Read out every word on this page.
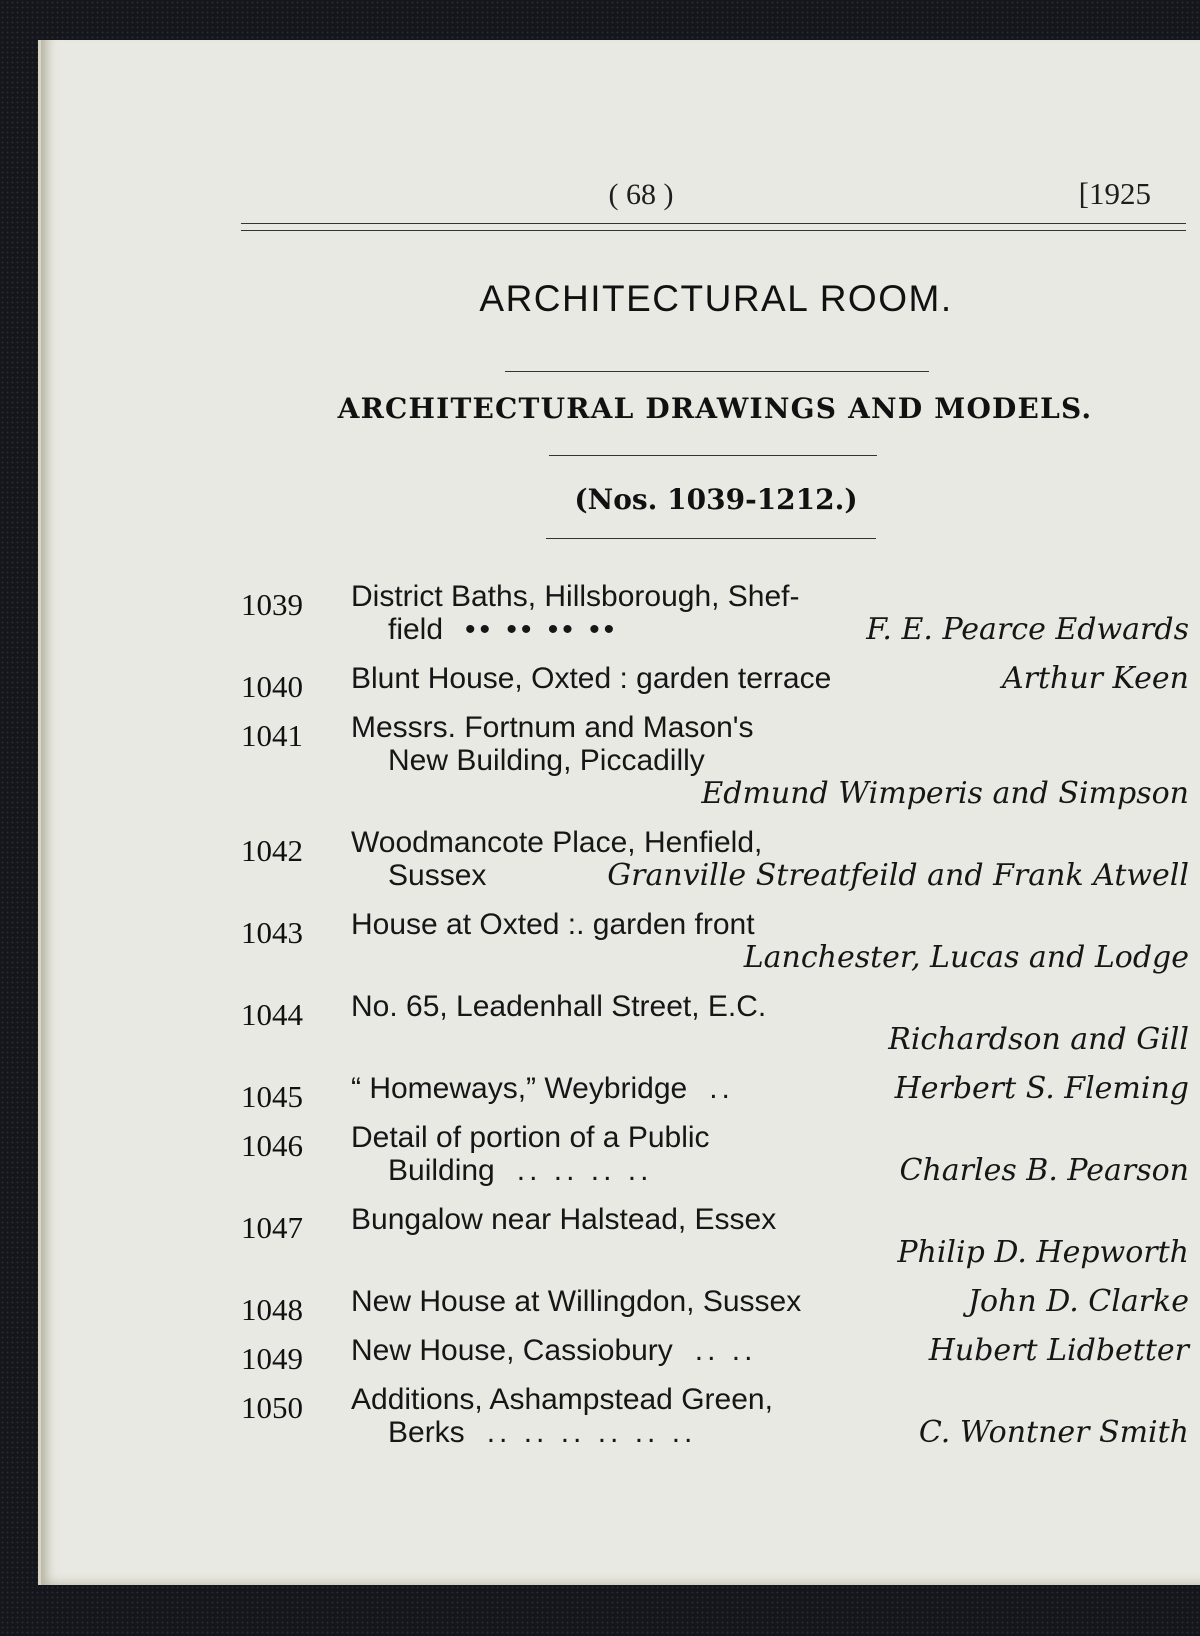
( 68 )	[1925
ARCHITECTURAL ROOM.
ARCHITECTURAL DRAWINGS AND MODELS.
(Nos. 1039-1212.)
1039	District Baths, Hillsborough, Shef-
field •• •• •• ••	F. E. Pearce Edwards
1040	Blunt House, Oxted : garden terrace	Arthur Keen
1041	Messrs. Fortnum and Mason's
New Building, Piccadilly
Edmund Wimperis and Simpson
1042	Woodmancote Place, Henfield,
Sussex	Granville Streatfeild and Frank Atwell
1043	House at Oxted :. garden front
Lanchester, Lucas and Lodge
1044	No. 65, Leadenhall Street, E.C.
Richardson and Gill
1045	“ Homeways,” Weybridge ..	Herbert S. Fleming
1046	Detail of portion of a Public
Building .. .. .. ..	Charles B. Pearson
1047	Bungalow near Halstead, Essex
Philip D. Hepworth
1048	New House at Willingdon, Sussex	John D. Clarke
1049	New House, Cassiobury .. ..	Hubert Lidbetter
1050	Additions, Ashampstead Green,
Berks .. .. .. .. .. ..	C. Wontner Smith
